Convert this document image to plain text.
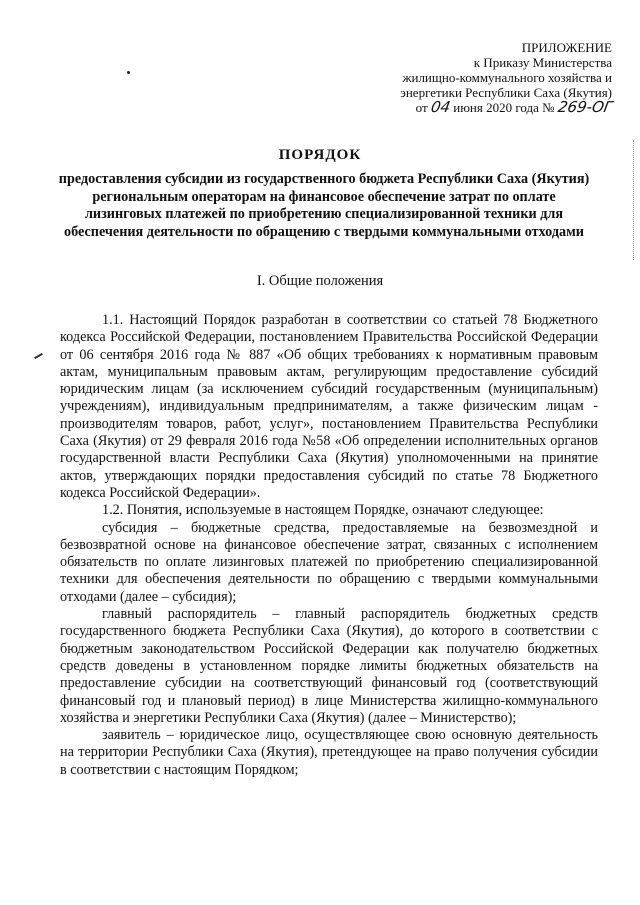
ПРИЛОЖЕНИЕ
к Приказу Министерства
жилищно-коммунального хозяйства и
энергетики Республики Саха (Якутия)
от 04 июня 2020 года № 269-ОГ
ПОРЯДОК
предоставления субсидии из государственного бюджета Республики Саха (Якутия) региональным операторам на финансовое обеспечение затрат по оплате лизинговых платежей по приобретению специализированной техники для обеспечения деятельности по обращению с твердыми коммунальными отходами
I. Общие положения

1.1. Настоящий Порядок разработан в соответствии со статьей 78 Бюджетного кодекса Российской Федерации, постановлением Правительства Российской Федерации от 06 сентября 2016 года № 887 «Об общих требованиях к нормативным правовым актам, муниципальным правовым актам, регулирующим предоставление субсидий юридическим лицам (за исключением субсидий государственным (муниципальным) учреждениям), индивидуальным предпринимателям, а также физическим лицам - производителям товаров, работ, услуг», постановлением Правительства Республики Саха (Якутия) от 29 февраля 2016 года №58 «Об определении исполнительных органов государственной власти Республики Саха (Якутия) уполномоченными на принятие актов, утверждающих порядки предоставления субсидий по статье 78 Бюджетного кодекса Российской Федерации».

1.2. Понятия, используемые в настоящем Порядке, означают следующее:

субсидия – бюджетные средства, предоставляемые на безвозмездной и безвозвратной основе на финансовое обеспечение затрат, связанных с исполнением обязательств по оплате лизинговых платежей по приобретению специализированной техники для обеспечения деятельности по обращению с твердыми коммунальными отходами (далее – субсидия);

главный распорядитель – главный распорядитель бюджетных средств государственного бюджета Республики Саха (Якутия), до которого в соответствии с бюджетным законодательством Российской Федерации как получателю бюджетных средств доведены в установленном порядке лимиты бюджетных обязательств на предоставление субсидии на соответствующий финансовый год (соответствующий финансовый год и плановый период) в лице Министерства жилищно-коммунального хозяйства и энергетики Республики Саха (Якутия) (далее – Министерство);

заявитель – юридическое лицо, осуществляющее свою основную деятельность на территории Республики Саха (Якутия), претендующее на право получения субсидии в соответствии с настоящим Порядком;
